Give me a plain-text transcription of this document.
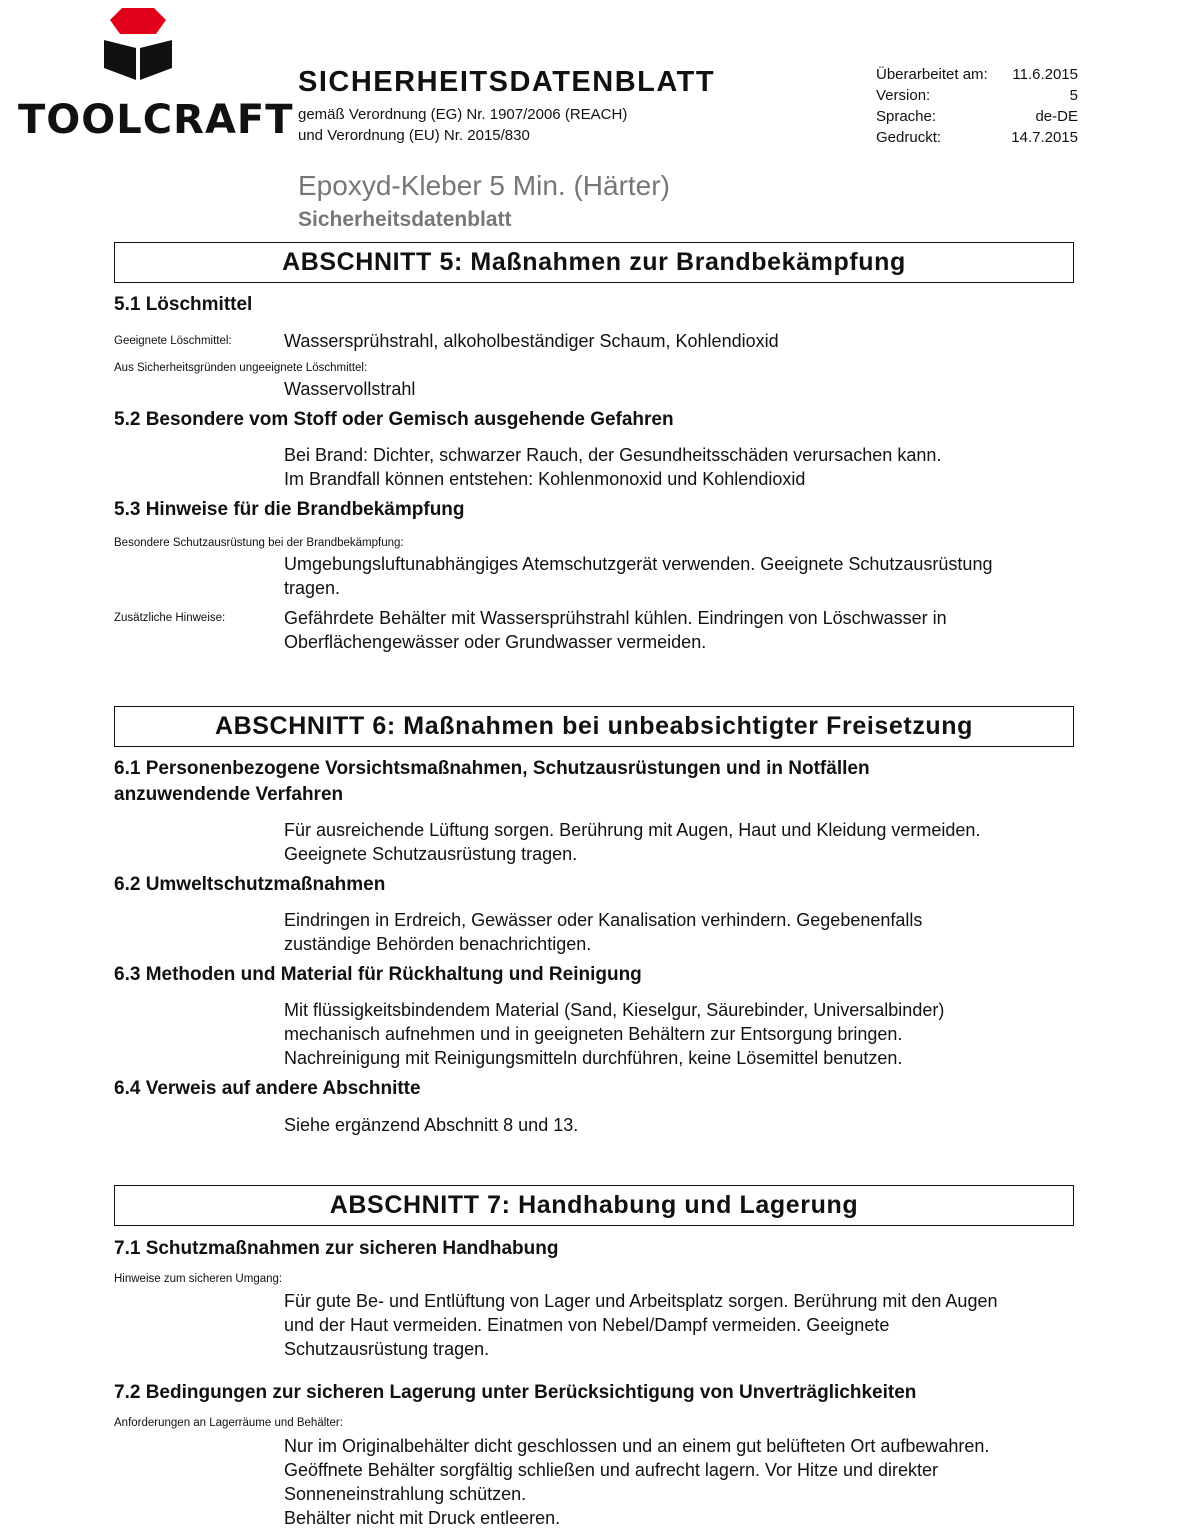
TOOLCRAFT
SICHERHEITSDATENBLATT
gemäß Verordnung (EG) Nr. 1907/2006 (REACH)
und Verordnung (EU) Nr. 2015/830
Überarbeitet am: 11.6.2015
Version:	5
Sprache:	de-DE
Gedruckt:	14.7.2015
Epoxyd-Kleber 5 Min. (Härter)
Sicherheitsdatenblatt
ABSCHNITT 5: Maßnahmen zur Brandbekämpfung
5.1 Löschmittel
Geeignete Löschmittel:	Wassersprühstrahl, alkoholbeständiger Schaum, Kohlendioxid
Aus Sicherheitsgründen ungeeignete Löschmittel:
Wasservollstrahl
5.2 Besondere vom Stoff oder Gemisch ausgehende Gefahren
Bei Brand: Dichter, schwarzer Rauch, der Gesundheitsschäden verursachen kann.
Im Brandfall können entstehen: Kohlenmonoxid und Kohlendioxid
5.3 Hinweise für die Brandbekämpfung
Besondere Schutzausrüstung bei der Brandbekämpfung:
Umgebungsluftunabhängiges Atemschutzgerät verwenden. Geeignete Schutzausrüstung
tragen.
Zusätzliche Hinweise:	Gefährdete Behälter mit Wassersprühstrahl kühlen. Eindringen von Löschwasser in
Oberflächengewässer oder Grundwasser vermeiden.
ABSCHNITT 6: Maßnahmen bei unbeabsichtigter Freisetzung
6.1 Personenbezogene Vorsichtsmaßnahmen, Schutzausrüstungen und in Notfällen
anzuwendende Verfahren
Für ausreichende Lüftung sorgen. Berührung mit Augen, Haut und Kleidung vermeiden.
Geeignete Schutzausrüstung tragen.
6.2 Umweltschutzmaßnahmen
Eindringen in Erdreich, Gewässer oder Kanalisation verhindern. Gegebenenfalls
zuständige Behörden benachrichtigen.
6.3 Methoden und Material für Rückhaltung und Reinigung
Mit flüssigkeitsbindendem Material (Sand, Kieselgur, Säurebinder, Universalbinder)
mechanisch aufnehmen und in geeigneten Behältern zur Entsorgung bringen.
Nachreinigung mit Reinigungsmitteln durchführen, keine Lösemittel benutzen.
6.4 Verweis auf andere Abschnitte
Siehe ergänzend Abschnitt 8 und 13.
ABSCHNITT 7: Handhabung und Lagerung
7.1 Schutzmaßnahmen zur sicheren Handhabung
Hinweise zum sicheren Umgang:
Für gute Be- und Entlüftung von Lager und Arbeitsplatz sorgen. Berührung mit den Augen
und der Haut vermeiden. Einatmen von Nebel/Dampf vermeiden. Geeignete
Schutzausrüstung tragen.
7.2 Bedingungen zur sicheren Lagerung unter Berücksichtigung von Unverträglichkeiten
Anforderungen an Lagerräume und Behälter:
Nur im Originalbehälter dicht geschlossen und an einem gut belüfteten Ort aufbewahren.
Geöffnete Behälter sorgfältig schließen und aufrecht lagern. Vor Hitze und direkter
Sonneneinstrahlung schützen.
Behälter nicht mit Druck entleeren.
